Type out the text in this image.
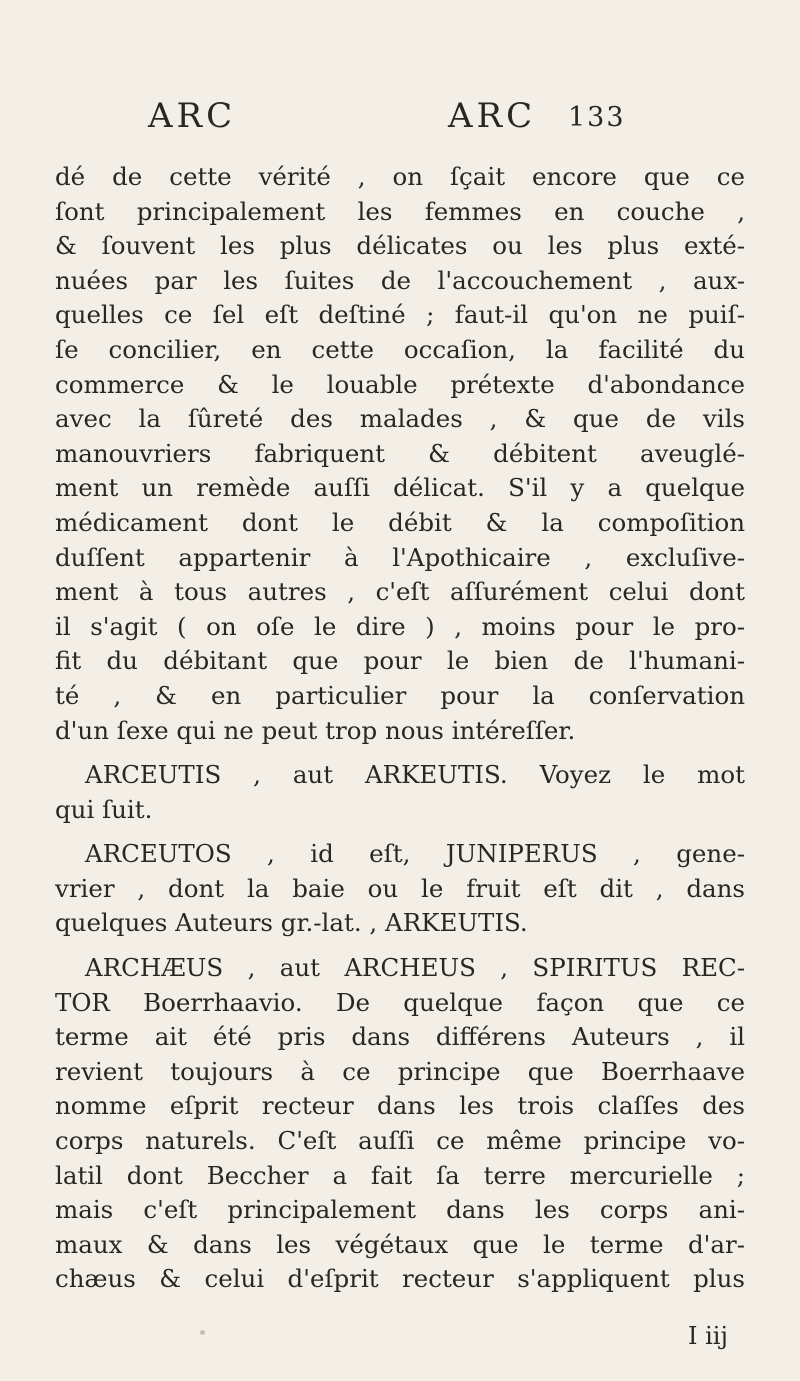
ARC	ARC 133
dé de cette vérité , on ſçait encore que ce
ſont principalement les femmes en couche ,
& ſouvent les plus délicates ou les plus exté-
nuées par les ſuites de l'accouchement , aux-
quelles ce ſel eſt deſtiné ; faut-il qu'on ne puiſ-
ſe concilier, en cette occaſion, la facilité du
commerce & le louable prétexte d'abondance
avec la ſûreté des malades , & que de vils
manouvriers fabriquent & débitent aveuglé-
ment un remède auſſi délicat. S'il y a quelque
médicament dont le débit & la compoſition
duſſent appartenir à l'Apothicaire , excluſive-
ment à tous autres , c'eſt aſſurément celui dont
il s'agit ( on oſe le dire ) , moins pour le pro-
fit du débitant que pour le bien de l'humani-
té , & en particulier pour la conſervation
d'un ſexe qui ne peut trop nous intéreſſer.
ARCEUTIS , aut ARKEUTIS. Voyez le mot
qui ſuit.
ARCEUTOS , id eſt, JUNIPERUS , gene-
vrier , dont la baie ou le fruit eſt dit , dans
quelques Auteurs gr.-lat. , ARKEUTIS.
ARCHÆUS , aut ARCHEUS , SPIRITUS REC-
TOR Boerrhaavio. De quelque façon que ce
terme ait été pris dans différens Auteurs , il
revient toujours à ce principe que Boerrhaave
nomme eſprit recteur dans les trois claſſes des
corps naturels. C'eſt auſſi ce même principe vo-
latil dont Beccher a fait ſa terre mercurielle ;
mais c'eſt principalement dans les corps ani-
maux & dans les végétaux que le terme d'ar-
chæus & celui d'eſprit recteur s'appliquent plus
I iij
